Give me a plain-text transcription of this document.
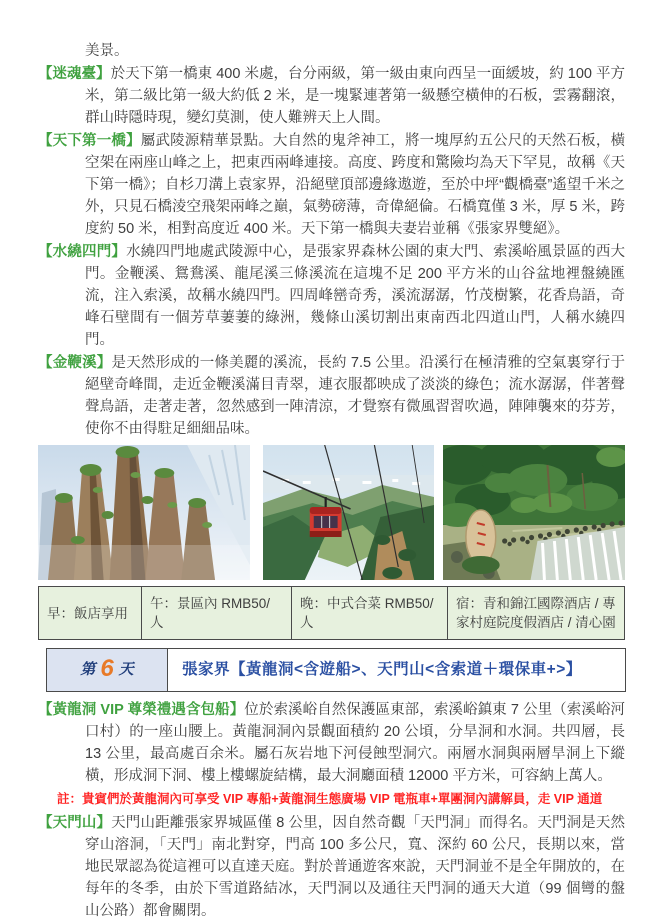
美景。

【迷魂臺】於天下第一橋東 400 米處，台分兩級，第一級由東向西呈一面緩坡，約 100 平方米，第二級比第一級大約低 2 米，是一塊緊連著第一級懸空橫伸的石板，雲霧翻滾，群山時隱時現，變幻莫測，使人難辨天上人間。

【天下第一橋】屬武陵源精華景點。大自然的鬼斧神工，將一塊厚約五公尺的天然石板，橫空架在兩座山峰之上，把東西兩峰連接。高度、跨度和驚險均為天下罕見，故稱《天下第一橋》；自杉刀溝上袁家界，沿絕壁頂部邊緣遨遊，至於中坪“觀橋臺”遙望千米之外，只見石橋淩空飛架兩峰之巔，氣勢磅薄，奇偉絕倫。石橋寬僅 3 米，厚 5 米，跨度約 50 米，相對高度近 400 米。天下第一橋與夫妻岩並稱《張家界雙絕》。

【水繞四門】水繞四門地處武陵源中心，是張家界森林公園的東大門、索溪峪風景區的西大門。金鞭溪、鴛鴦溪、龍尾溪三條溪流在這塊不足 200 平方米的山谷盆地裡盤繞匯流，注入索溪，故稱水繞四門。四周峰巒奇秀，溪流潺潺，竹茂樹繁，花香鳥語，奇峰石壁間有一個芳草萋萋的綠洲，幾條山溪切割出東南西北四道山門，人稱水繞四門。

【金鞭溪】是天然形成的一條美麗的溪流，長約 7.5 公里。沿溪行在極清雅的空氣裏穿行于絕壁奇峰間，走近金鞭溪滿目青翠，連衣服都映成了淡淡的綠色；流水潺潺，伴著聲聲鳥語，走著走著，忽然感到一陣清涼，才覺察有微風習習吹過，陣陣襲來的芬芳，使你不由得駐足細細品味。

早：飯店享用
午：景區內 RMB50/人
晚：中式合菜 RMB50/人
宿：青和錦江國際酒店 / 專家村庭院度假酒店 / 清心園
第 6 天	張家界【黃龍洞<含遊船>、天門山<含索道＋環保車+>】

【黃龍洞 VIP 尊榮禮遇含包船】位於索溪峪自然保護區東部，索溪峪鎮東 7 公里（索溪峪河口村）的一座山腰上。黃龍洞洞內景觀面積約 20 公頃，分旱洞和水洞。共四層，長 13 公里，最高處百余米。屬石灰岩地下河侵蝕型洞穴。兩層水洞與兩層旱洞上下縱橫，形成洞下洞、樓上樓螺旋結構，最大洞廳面積 12000 平方米，可容納上萬人。

註：貴賓們於黃龍洞內可享受 VIP 專船+黃龍洞生態廣場 VIP 電瓶車+單團洞內講解員，走 VIP 通道

【天門山】天門山距離張家界城區僅 8 公里，因自然奇觀「天門洞」而得名。天門洞是天然穿山溶洞，「天門」南北對穿，門高 100 多公尺，寬、深約 60 公尺，長期以來，當地民眾認為從這裡可以直達天庭。對於普通遊客來說，天門洞並不是全年開放的，在每年的冬季，由於下雪道路結冰，天門洞以及通往天門洞的通天大道（99 個彎的盤山公路）都會關閉。
